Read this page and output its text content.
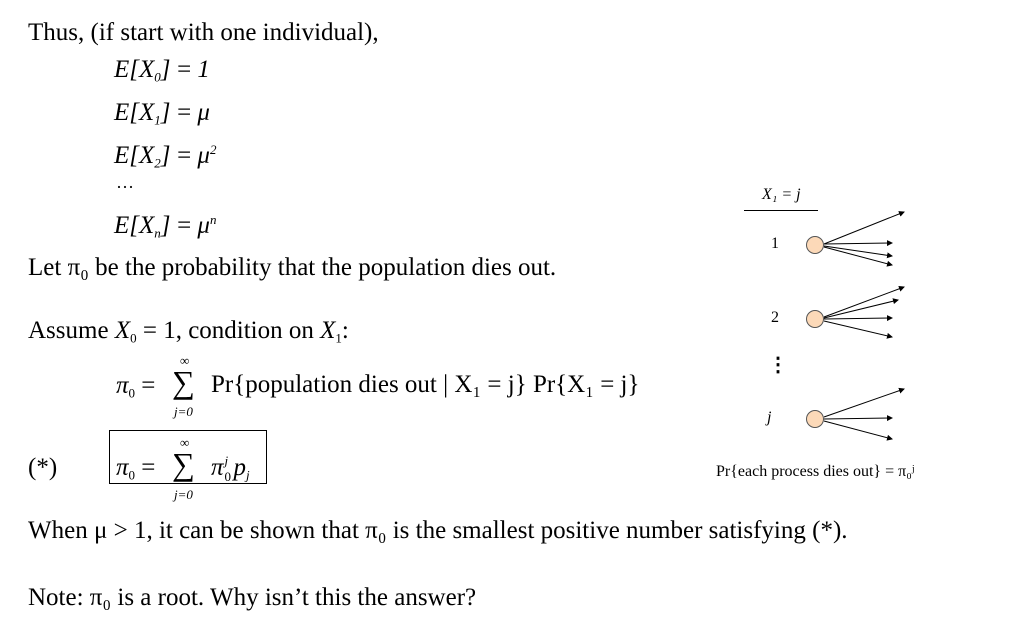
Thus, (if start with one individual),
$E[X_0] = 1$
$E[X_1] = \mu$
$E[X_2] = \mu^2$
···
$E[X_n] = \mu^n$
Let π₀ be the probability that the population dies out.
Assume $X_0 = 1$, condition on $X_1$:
$\pi_0$ =
∞
∑
j=0
Pr{population dies out | X₁ = j} Pr{X₁ = j}
(*) $\pi_0$ =
∞
∑
j=0
π j
0 $p_j$
When μ > 1, it can be shown that π₀ is the smallest positive number satisfying (*).
Note: π₀ is a root. Why isn’t this the answer?
X₁ = j
1
2
⋮
j
Pr{each process dies out} = π₀ʲ
